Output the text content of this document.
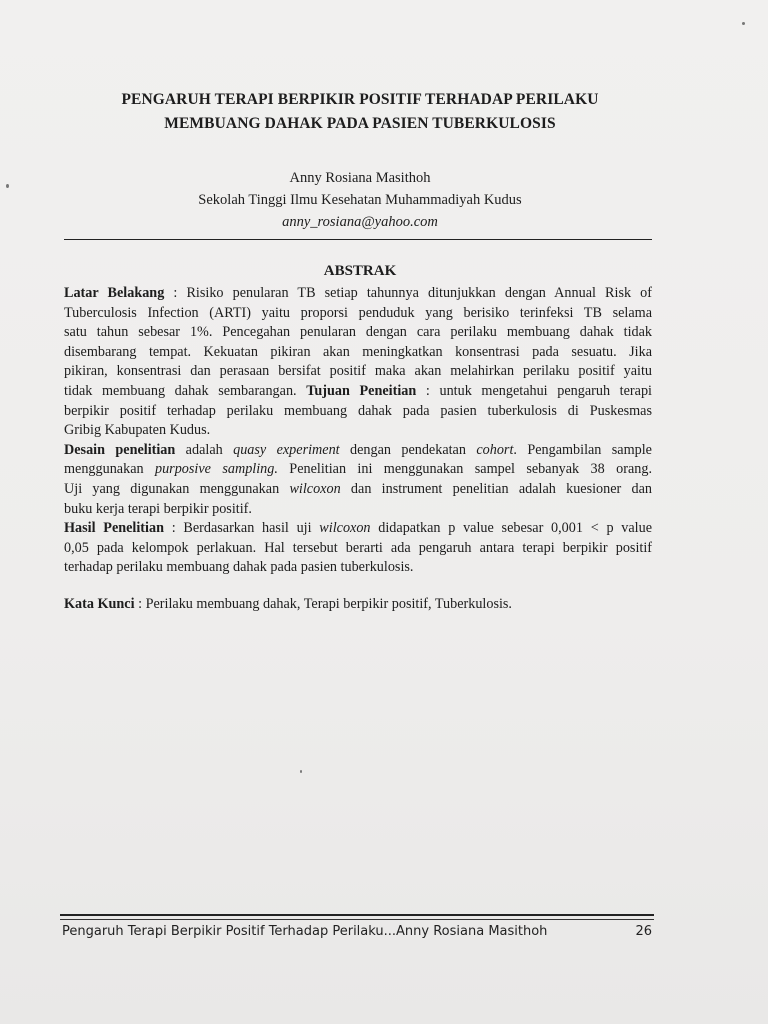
PENGARUH TERAPI BERPIKIR POSITIF TERHADAP PERILAKU
MEMBUANG DAHAK PADA PASIEN TUBERKULOSIS
Anny Rosiana Masithoh
Sekolah Tinggi Ilmu Kesehatan Muhammadiyah Kudus
anny_rosiana@yahoo.com
ABSTRAK
Latar Belakang : Risiko penularan TB setiap tahunnya ditunjukkan dengan Annual Risk of
Tuberculosis Infection (ARTI) yaitu proporsi penduduk yang berisiko terinfeksi TB selama
satu tahun sebesar 1%. Pencegahan penularan dengan cara perilaku membuang dahak tidak
disembarang tempat. Kekuatan pikiran akan meningkatkan konsentrasi pada sesuatu. Jika
pikiran, konsentrasi dan perasaan bersifat positif maka akan melahirkan perilaku positif yaitu
tidak membuang dahak sembarangan. Tujuan Peneitian : untuk mengetahui pengaruh terapi
berpikir positif terhadap perilaku membuang dahak pada pasien tuberkulosis di Puskesmas
Gribig Kabupaten Kudus.
Desain penelitian adalah quasy experiment dengan pendekatan cohort. Pengambilan sample
menggunakan purposive sampling. Penelitian ini menggunakan sampel sebanyak 38 orang.
Uji yang digunakan menggunakan wilcoxon dan instrument penelitian adalah kuesioner dan
buku kerja terapi berpikir positif.
Hasil Penelitian : Berdasarkan hasil uji wilcoxon didapatkan p value sebesar 0,001 < p value
0,05 pada kelompok perlakuan. Hal tersebut berarti ada pengaruh antara terapi berpikir positif
terhadap perilaku membuang dahak pada pasien tuberkulosis.
Kata Kunci : Perilaku membuang dahak, Terapi berpikir positif, Tuberkulosis.
Pengaruh Terapi Berpikir Positif Terhadap Perilaku...Anny Rosiana Masithoh	26
